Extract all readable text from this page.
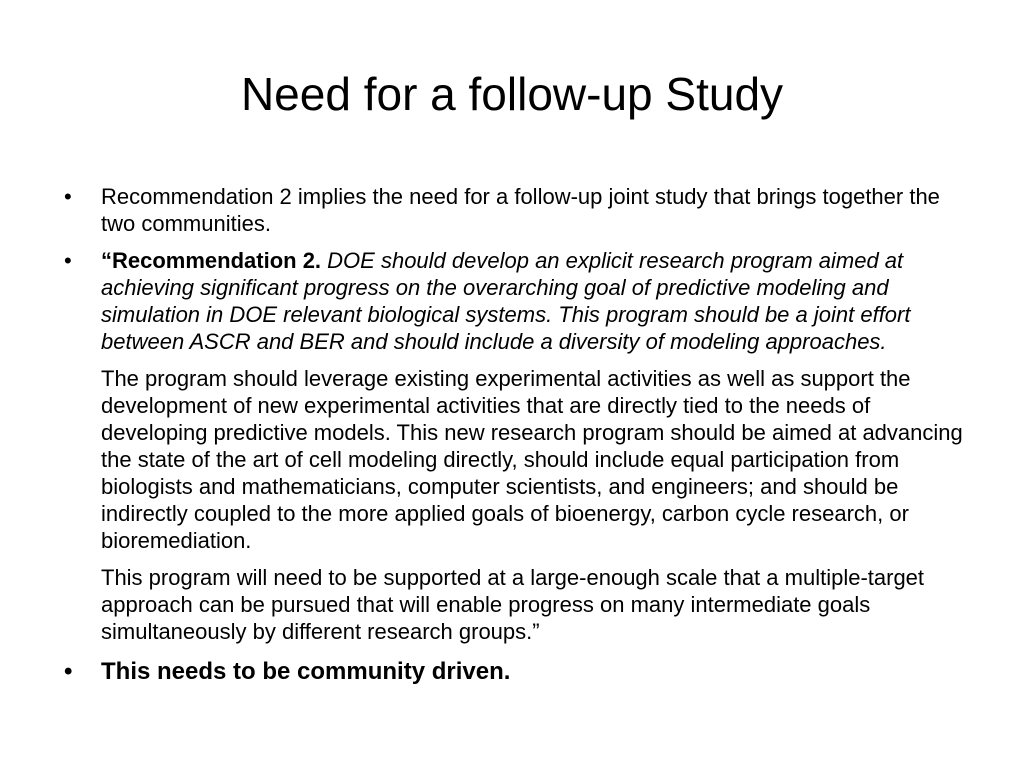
Need for a follow-up Study
•	Recommendation 2 implies the need for a follow-up joint study that brings together the two communities.
•	“Recommendation 2. DOE should develop an explicit research program aimed at achieving significant progress on the overarching goal of predictive modeling and simulation in DOE relevant biological systems. This program should be a joint effort between ASCR and BER and should include a diversity of modeling approaches.
The program should leverage existing experimental activities as well as support the development of new experimental activities that are directly tied to the needs of developing predictive models. This new research program should be aimed at advancing the state of the art of cell modeling directly, should include equal participation from biologists and mathematicians, computer scientists, and engineers; and should be indirectly coupled to the more applied goals of bioenergy, carbon cycle research, or bioremediation.
This program will need to be supported at a large-enough scale that a multiple-target approach can be pursued that will enable progress on many intermediate goals simultaneously by different research groups.”
•	This needs to be community driven.
